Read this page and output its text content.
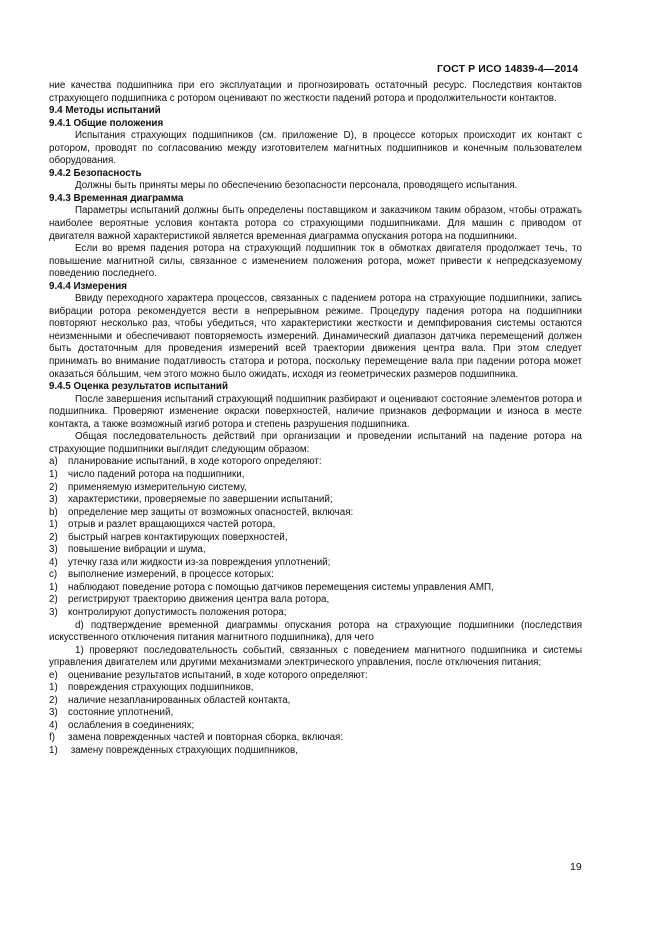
ГОСТ Р ИСО 14839-4—2014

ние качества подшипника при его эксплуатации и прогнозировать остаточный ресурс. Последствия контактов страхующего подшипника с ротором оценивают по жесткости падений ротора и продолжительности контактов.

9.4 Методы испытаний

9.4.1 Общие положения

Испытания страхующих подшипников (см. приложение D), в процессе которых происходит их контакт с ротором, проводят по согласованию между изготовителем магнитных подшипников и конечным пользователем оборудования.

9.4.2 Безопасность

Должны быть приняты меры по обеспечению безопасности персонала, проводящего испытания.

9.4.3 Временная диаграмма

Параметры испытаний должны быть определены поставщиком и заказчиком таким образом, чтобы отражать наиболее вероятные условия контакта ротора со страхующими подшипниками. Для машин с приводом от двигателя важной характеристикой является временная диаграмма опускания ротора на подшипники.

Если во время падения ротора на страхующий подшипник ток в обмотках двигателя продолжает течь, то повышение магнитной силы, связанное с изменением положения ротора, может привести к непредсказуемому поведению последнего.

9.4.4 Измерения

Ввиду переходного характера процессов, связанных с падением ротора на страхующие подшипники, запись вибрации ротора рекомендуется вести в непрерывном режиме. Процедуру падения ротора на подшипники повторяют несколько раз, чтобы убедиться, что характеристики жесткости и демпфирования системы остаются неизменными и обеспечивают повторяемость измерений. Динамический диапазон датчика перемещений должен быть достаточным для проведения измерений всей траектории движения центра вала. При этом следует принимать во внимание податливость статора и ротора, поскольку перемещение вала при падении ротора может оказаться бóльшим, чем этого можно было ожидать, исходя из геометрических размеров подшипника.

9.4.5 Оценка результатов испытаний

После завершения испытаний страхующий подшипник разбирают и оценивают состояние элементов ротора и подшипника. Проверяют изменение окраски поверхностей, наличие признаков деформации и износа в месте контакта, а также возможный изгиб ротора и степень разрушения подшипника.

Общая последовательность действий при организации и проведении испытаний на падение ротора на страхующие подшипники выглядит следующим образом:

a) планирование испытаний, в ходе которого определяют:

1) число падений ротора на подшипники,

2) применяемую измерительную систему,

3) характеристики, проверяемые по завершении испытаний;

b) определение мер защиты от возможных опасностей, включая:

1) отрыв и разлет вращающихся частей ротора,

2) быстрый нагрев контактирующих поверхностей,

3) повышение вибрации и шума,

4) утечку газа или жидкости из-за повреждения уплотнений;

c) выполнение измерений, в процессе которых:

1) наблюдают поведение ротора с помощью датчиков перемещения системы управления АМП,

2) регистрируют траекторию движения центра вала ротора,

3) контролируют допустимость положения ротора;

d) подтверждение временной диаграммы опускания ротора на страхующие подшипники (последствия искусственного отключения питания магнитного подшипника), для чего

1) проверяют последовательность событий, связанных с поведением магнитного подшипника и системы управления двигателем или другими механизмами электрического управления, после отключения питания;

e) оценивание результатов испытаний, в ходе которого определяют:

1) повреждения страхующих подшипников,

2) наличие незапланированных областей контакта,

3) состояние уплотнений,

4) ослабления в соединениях;

f) замена поврежденных частей и повторная сборка, включая:

1) замену поврежденных страхующих подшипников,

19
